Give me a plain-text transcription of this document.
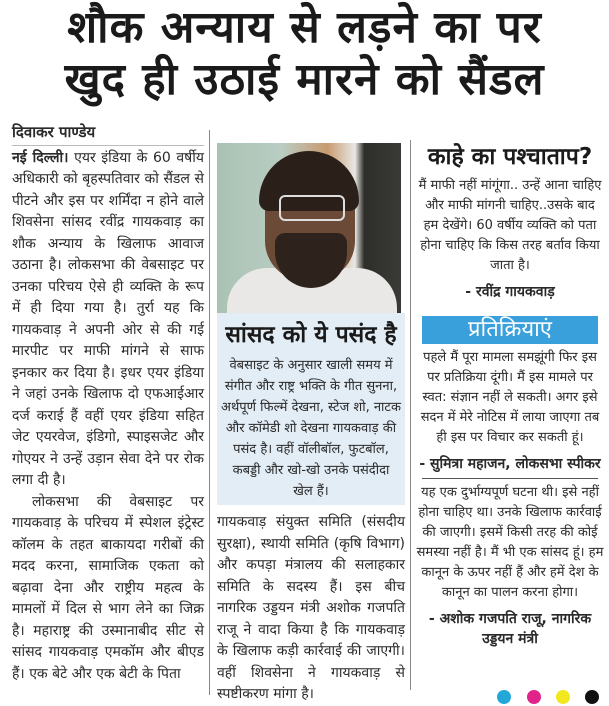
शौक अन्याय से लड़ने का पर
खुद ही उठाई मारने को सैंडल
दिवाकर पाण्डेय

नई दिल्ली। एयर इंडिया के 60 वर्षीय अधिकारी को बृहस्पतिवार को सैंडल से पीटने और इस पर शर्मिंदा न होने वाले शिवसेना सांसद रवींद्र गायकवाड़ का शौक अन्याय के खिलाफ आवाज उठाना है। लोकसभा की वेबसाइट पर उनका परिचय ऐसे ही व्यक्ति के रूप में ही दिया गया है। तुर्रा यह कि गायकवाड़ ने अपनी ओर से की गई मारपीट पर माफी मांगने से साफ इनकार कर दिया है। इधर एयर इंडिया ने जहां उनके खिलाफ दो एफआईआर दर्ज कराई हैं वहीं एयर इंडिया सहित जेट एयरवेज, इंडिगो, स्पाइसजेट और गोएयर ने उन्हें उड़ान सेवा देने पर रोक लगा दी है।

लोकसभा की वेबसाइट पर गायकवाड़ के परिचय में स्पेशल इंट्रेस्ट कॉलम के तहत बाकायदा गरीबों की मदद करना, सामाजिक एकता को बढ़ावा देना और राष्ट्रीय महत्व के मामलों में दिल से भाग लेने का जिक्र है। महाराष्ट्र की उस्मानाबीद सीट से सांसद गायकवाड़ एमकॉम और बीएड हैं। एक बेटे और एक बेटी के पिता

सांसद को ये पसंद है
वेबसाइट के अनुसार खाली समय में संगीत और राष्ट्र भक्ति के गीत सुनना, अर्थपूर्ण फिल्में देखना, स्टेज शो, नाटक और कॉमेडी शो देखना गायकवाड़ की पसंद है। वहीं वॉलीबॉल, फुटबॉल, कबड्डी और खो-खो उनके पसंदीदा खेल हैं।

गायकवाड़ संयुक्त समिति (संसदीय सुरक्षा), स्थायी समिति (कृषि विभाग) और कपड़ा मंत्रालय की सलाहकार समिति के सदस्य हैं। इस बीच नागरिक उड्डयन मंत्री अशोक गजपति राजू ने वादा किया है कि गायकवाड़ के खिलाफ कड़ी कार्रवाई की जाएगी। वहीं शिवसेना ने गायकवाड़ से स्पष्टीकरण मांगा है।

काहे का पश्चाताप?
मैं माफी नहीं मांगूंगा.. उन्हें आना चाहिए और माफी मांगनी चाहिए..उसके बाद हम देखेंगे। 60 वर्षीय व्यक्ति को पता होना चाहिए कि किस तरह बर्ताव किया जाता है।
- रवींद्र गायकवाड़
प्रतिक्रियाएं
पहले मैं पूरा मामला समझूंगी फिर इस पर प्रतिक्रिया दूंगी। मैं इस मामले पर स्वत: संज्ञान नहीं ले सकती। अगर इसे सदन में मेरे नोटिस में लाया जाएगा तब ही इस पर विचार कर सकती हूं।
- सुमित्रा महाजन, लोकसभा स्पीकर
यह एक दुर्भाग्यपूर्ण घटना थी। इसे नहीं होना चाहिए था। उनके खिलाफ कार्रवाई की जाएगी। इसमें किसी तरह की कोई समस्या नहीं है। मैं भी एक सांसद हूं। हम कानून के ऊपर नहीं हैं और हमें देश के कानून का पालन करना होगा।
- अशोक गजपति राजू, नागरिक उड्डयन मंत्री
